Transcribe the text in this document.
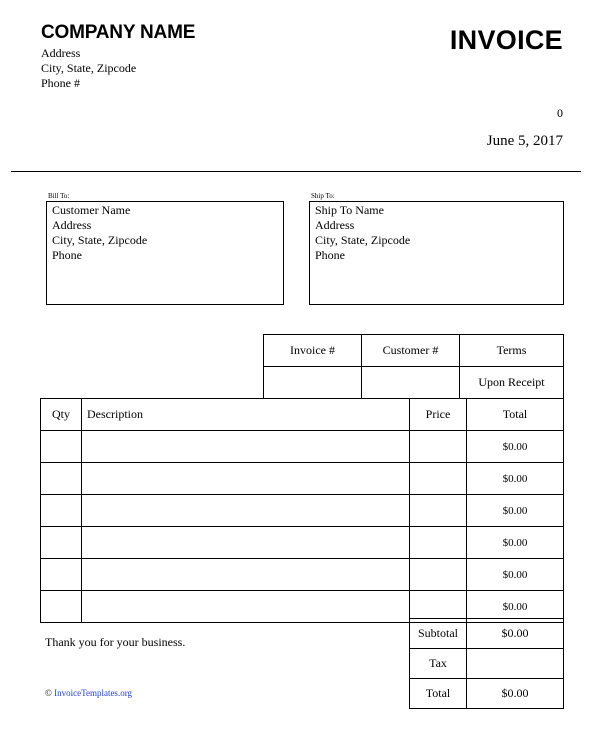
COMPANY NAME
Address
City, State, Zipcode
Phone #
INVOICE
0
June 5, 2017
Bill To:
Customer Name
Address
City, State, Zipcode
Phone
Ship To:
Ship To Name
Address
City, State, Zipcode
Phone
Invoice #	Customer #	Terms
		Upon Receipt
Qty	Description	Price	Total
			$0.00
			$0.00
			$0.00
			$0.00
			$0.00
			$0.00
Subtotal	$0.00
Tax	
Total	$0.00
Thank you for your business.
© InvoiceTemplates.org
